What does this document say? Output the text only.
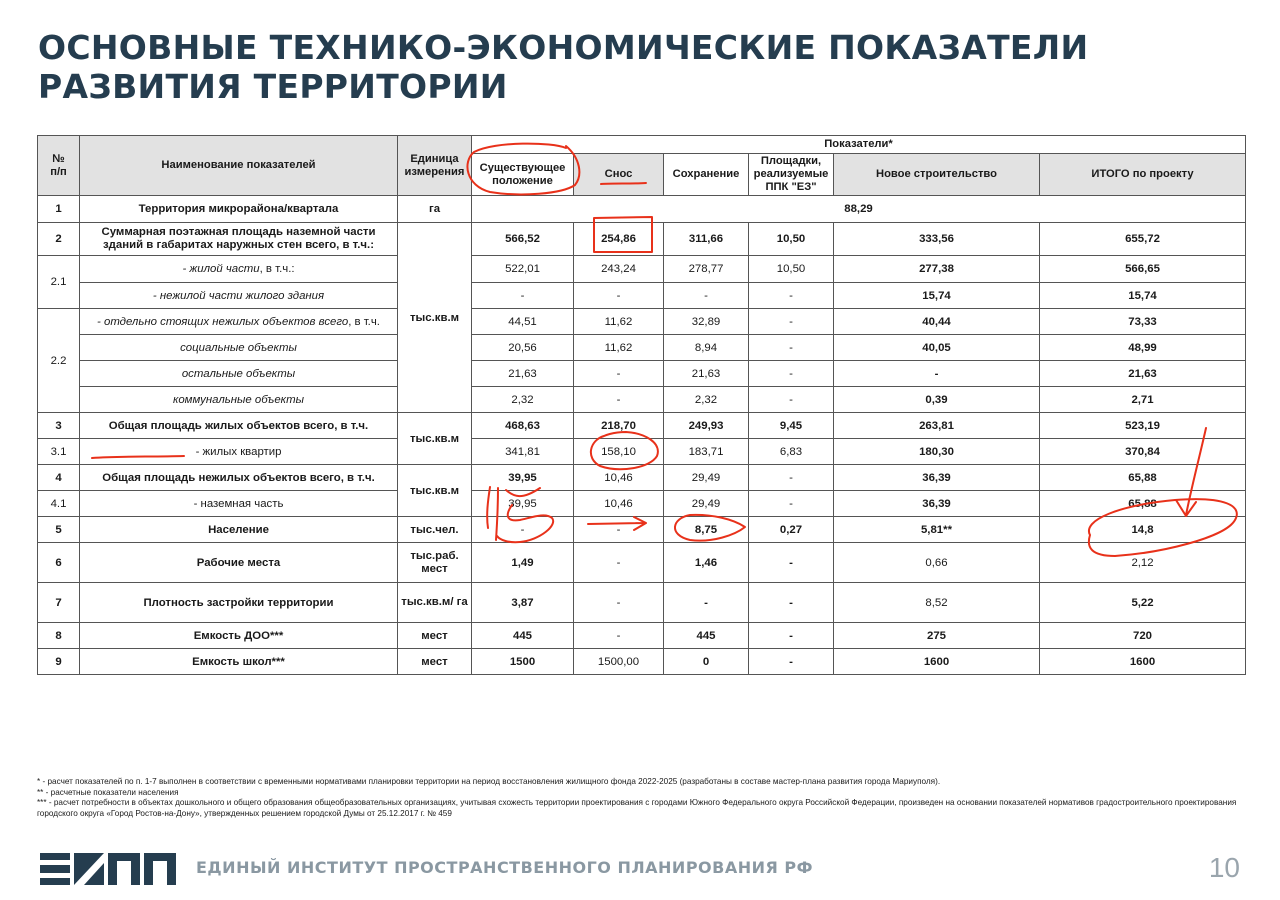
ОСНОВНЫЕ ТЕХНИКО-ЭКОНОМИЧЕСКИЕ ПОКАЗАТЕЛИ РАЗВИТИЯ ТЕРРИТОРИИ
№ п/п	Наименование показателей	Единица измерения	Показатели*					
			Существующее положение	Снос	Сохранение	Площадки, реализуемые ППК "ЕЗ"	Новое строительство	ИТОГО по проекту
1	Территория микрорайона/квартала	га	88,29					
2	Суммарная поэтажная площадь наземной части зданий в габаритах наружных стен всего, в т.ч.:	тыс.кв.м	566,52	254,86	311,66	10,50	333,56	655,72
2.1	- жилой части, в т.ч.:		522,01	243,24	278,77	10,50	277,38	566,65
	- нежилой части жилого здания		-	-	-	-	15,74	15,74
2.2	- отдельно стоящих нежилых объектов всего, в т.ч.		44,51	11,62	32,89	-	40,44	73,33
	социальные объекты		20,56	11,62	8,94	-	40,05	48,99
	остальные объекты		21,63	-	21,63	-	-	21,63
	коммунальные объекты		2,32	-	2,32	-	0,39	2,71
3	Общая площадь жилых объектов всего, в т.ч.	тыс.кв.м	468,63	218,70	249,93	9,45	263,81	523,19
3.1	- жилых квартир		341,81	158,10	183,71	6,83	180,30	370,84
4	Общая площадь нежилых объектов всего, в т.ч.	тыс.кв.м	39,95	10,46	29,49	-	36,39	65,88
4.1	- наземная часть		39,95	10,46	29,49	-	36,39	65,88
5	Население	тыс.чел.	-	-	8,75	0,27	5,81**	14,8
6	Рабочие места	тыс.раб. мест	1,49	-	1,46	-	0,66	2,12
7	Плотность застройки территории	тыс.кв.м/ га	3,87	-	-	-	8,52	5,22
8	Емкость ДОО***	мест	445	-	445	-	275	720
9	Емкость школ***	мест	1500	1500,00	0	-	1600	1600
* - расчет показателей по п. 1-7 выполнен в соответствии с временными нормативами планировки территории на период восстановления жилищного фонда 2022-2025 (разработаны в составе мастер-плана развития города Мариуполя).
** - расчетные показатели населения
*** - расчет потребности в объектах дошкольного и общего образования общеобразовательных организациях, учитывая схожесть территории проектирования с городами Южного Федерального округа Российской Федерации, произведен на основании показателей нормативов градостроительного проектирования городского округа «Город Ростов-на-Дону», утвержденных решением городской Думы от 25.12.2017 г. № 459
ЕДИНЫЙ ИНСТИТУТ ПРОСТРАНСТВЕННОГО ПЛАНИРОВАНИЯ РФ	10
